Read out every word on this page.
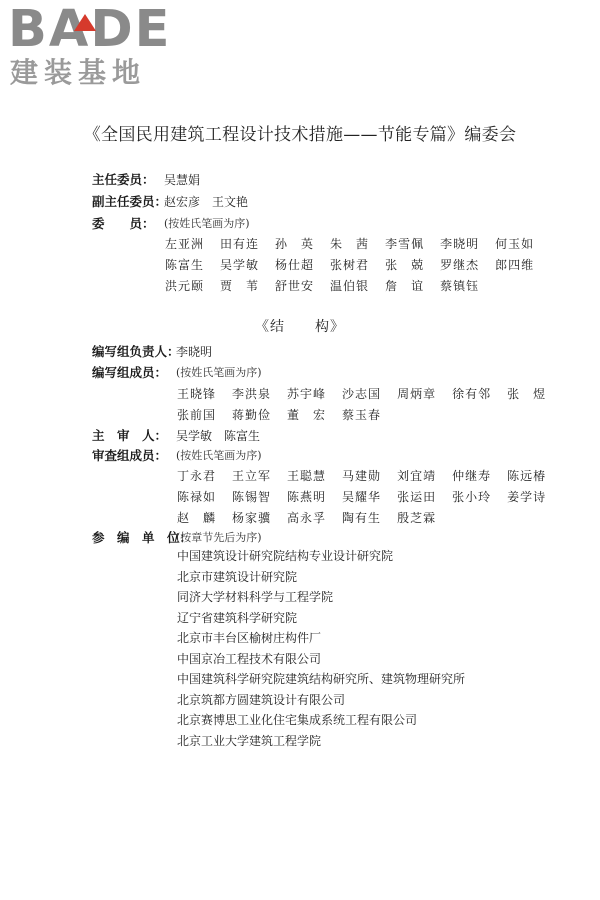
BADE
建装基地
《全国民用建筑工程设计技术措施——节能专篇》编委会
主任委员： 吴慧娟
副主任委员：
赵宏彦　王文艳
委　　员： (按姓氏笔画为序)
左亚洲 田有连 孙　英 朱　茜 李雪佩 李晓明 何玉如
陈富生 吴学敏 杨仕超 张树君 张　兢 罗继杰 郎四维
洪元颐 贾　苇 舒世安 温伯银 詹　谊 蔡镇钰
《结　　构》
编写组负责人：
李晓明
编写组成员： (按姓氏笔画为序)
王晓锋 李洪泉 苏宇峰 沙志国 周炳章 徐有邻 张　煜
张前国 蒋勤俭 董　宏 蔡玉春
主　审　人： 吴学敏　陈富生
审查组成员： (按姓氏笔画为序)
丁永君 王立军 王聪慧 马建勋 刘宜靖 仲继寿 陈远椿
陈禄如 陈锡智 陈燕明 吴耀华 张运田 张小玲 姜学诗
赵　麟 杨家骥 高永孚 陶有生 殷芝霖
参　编　单　位：
(按章节先后为序)
中国建筑设计研究院结构专业设计研究院
北京市建筑设计研究院
同济大学材料科学与工程学院
辽宁省建筑科学研究院
北京市丰台区榆树庄构件厂
中国京冶工程技术有限公司
中国建筑科学研究院建筑结构研究所、建筑物理研究所
北京筑都方圆建筑设计有限公司
北京赛博思工业化住宅集成系统工程有限公司
北京工业大学建筑工程学院
